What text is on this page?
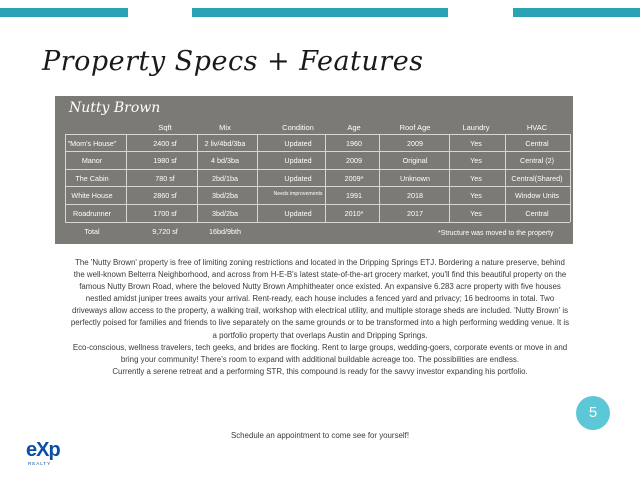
Property Specs + Features
Nutty Brown
*Structure was moved to the property
Sqft	Mix	Condition	Age	Roof Age	Laundry	HVAC
"Mom's House"	2400 sf	2 liv/4bd/3ba	Updated	1960	2009	Yes	Central
Manor	1980 sf	4 bd/3ba	Updated	2009	Original	Yes	Central (2)
The Cabin	780 sf	2bd/1ba	Updated	2009*	Unknown	Yes	Central(Shared)
White House	2860 sf	3bd/2ba	Needs improvements	1991	2018	Yes	Window Units
Roadrunner	1700 sf	3bd/2ba	Updated	2010*	2017	Yes	Central
Total	9,720 sf	16bd/9bth

The 'Nutty Brown' property is free of limiting zoning restrictions and located in the Dripping Springs ETJ. Bordering a nature preserve, behind the well-known Belterra Neighborhood, and across from H-E-B's latest state-of-the-art grocery market, you'll find this beautiful property on the famous Nutty Brown Road, where the beloved Nutty Brown Amphitheater once existed. An expansive 6.283 acre property with five houses nestled amidst juniper trees awaits your arrival. Rent-ready, each house includes a fenced yard and privacy; 16 bedrooms in total. Two driveways allow access to the property, a walking trail, workshop with electrical utility, and multiple storage sheds are included. 'Nutty Brown' is perfectly poised for families and friends to live separately on the same grounds or to be transformed into a high performing wedding venue. It is a portfolio property that overlaps Austin and Dripping Springs.

Eco-conscious, wellness travelers, tech geeks, and brides are flocking. Rent to large groups, wedding-goers, corporate events or move in and bring your community! There's room to expand with additional buildable acreage too. The possibilities are endless.

Currently a serene retreat and a performing STR, this compound is ready for the savvy investor expanding his portfolio.

Schedule an appointment to come see for yourself!
5
eXp
REALTY
